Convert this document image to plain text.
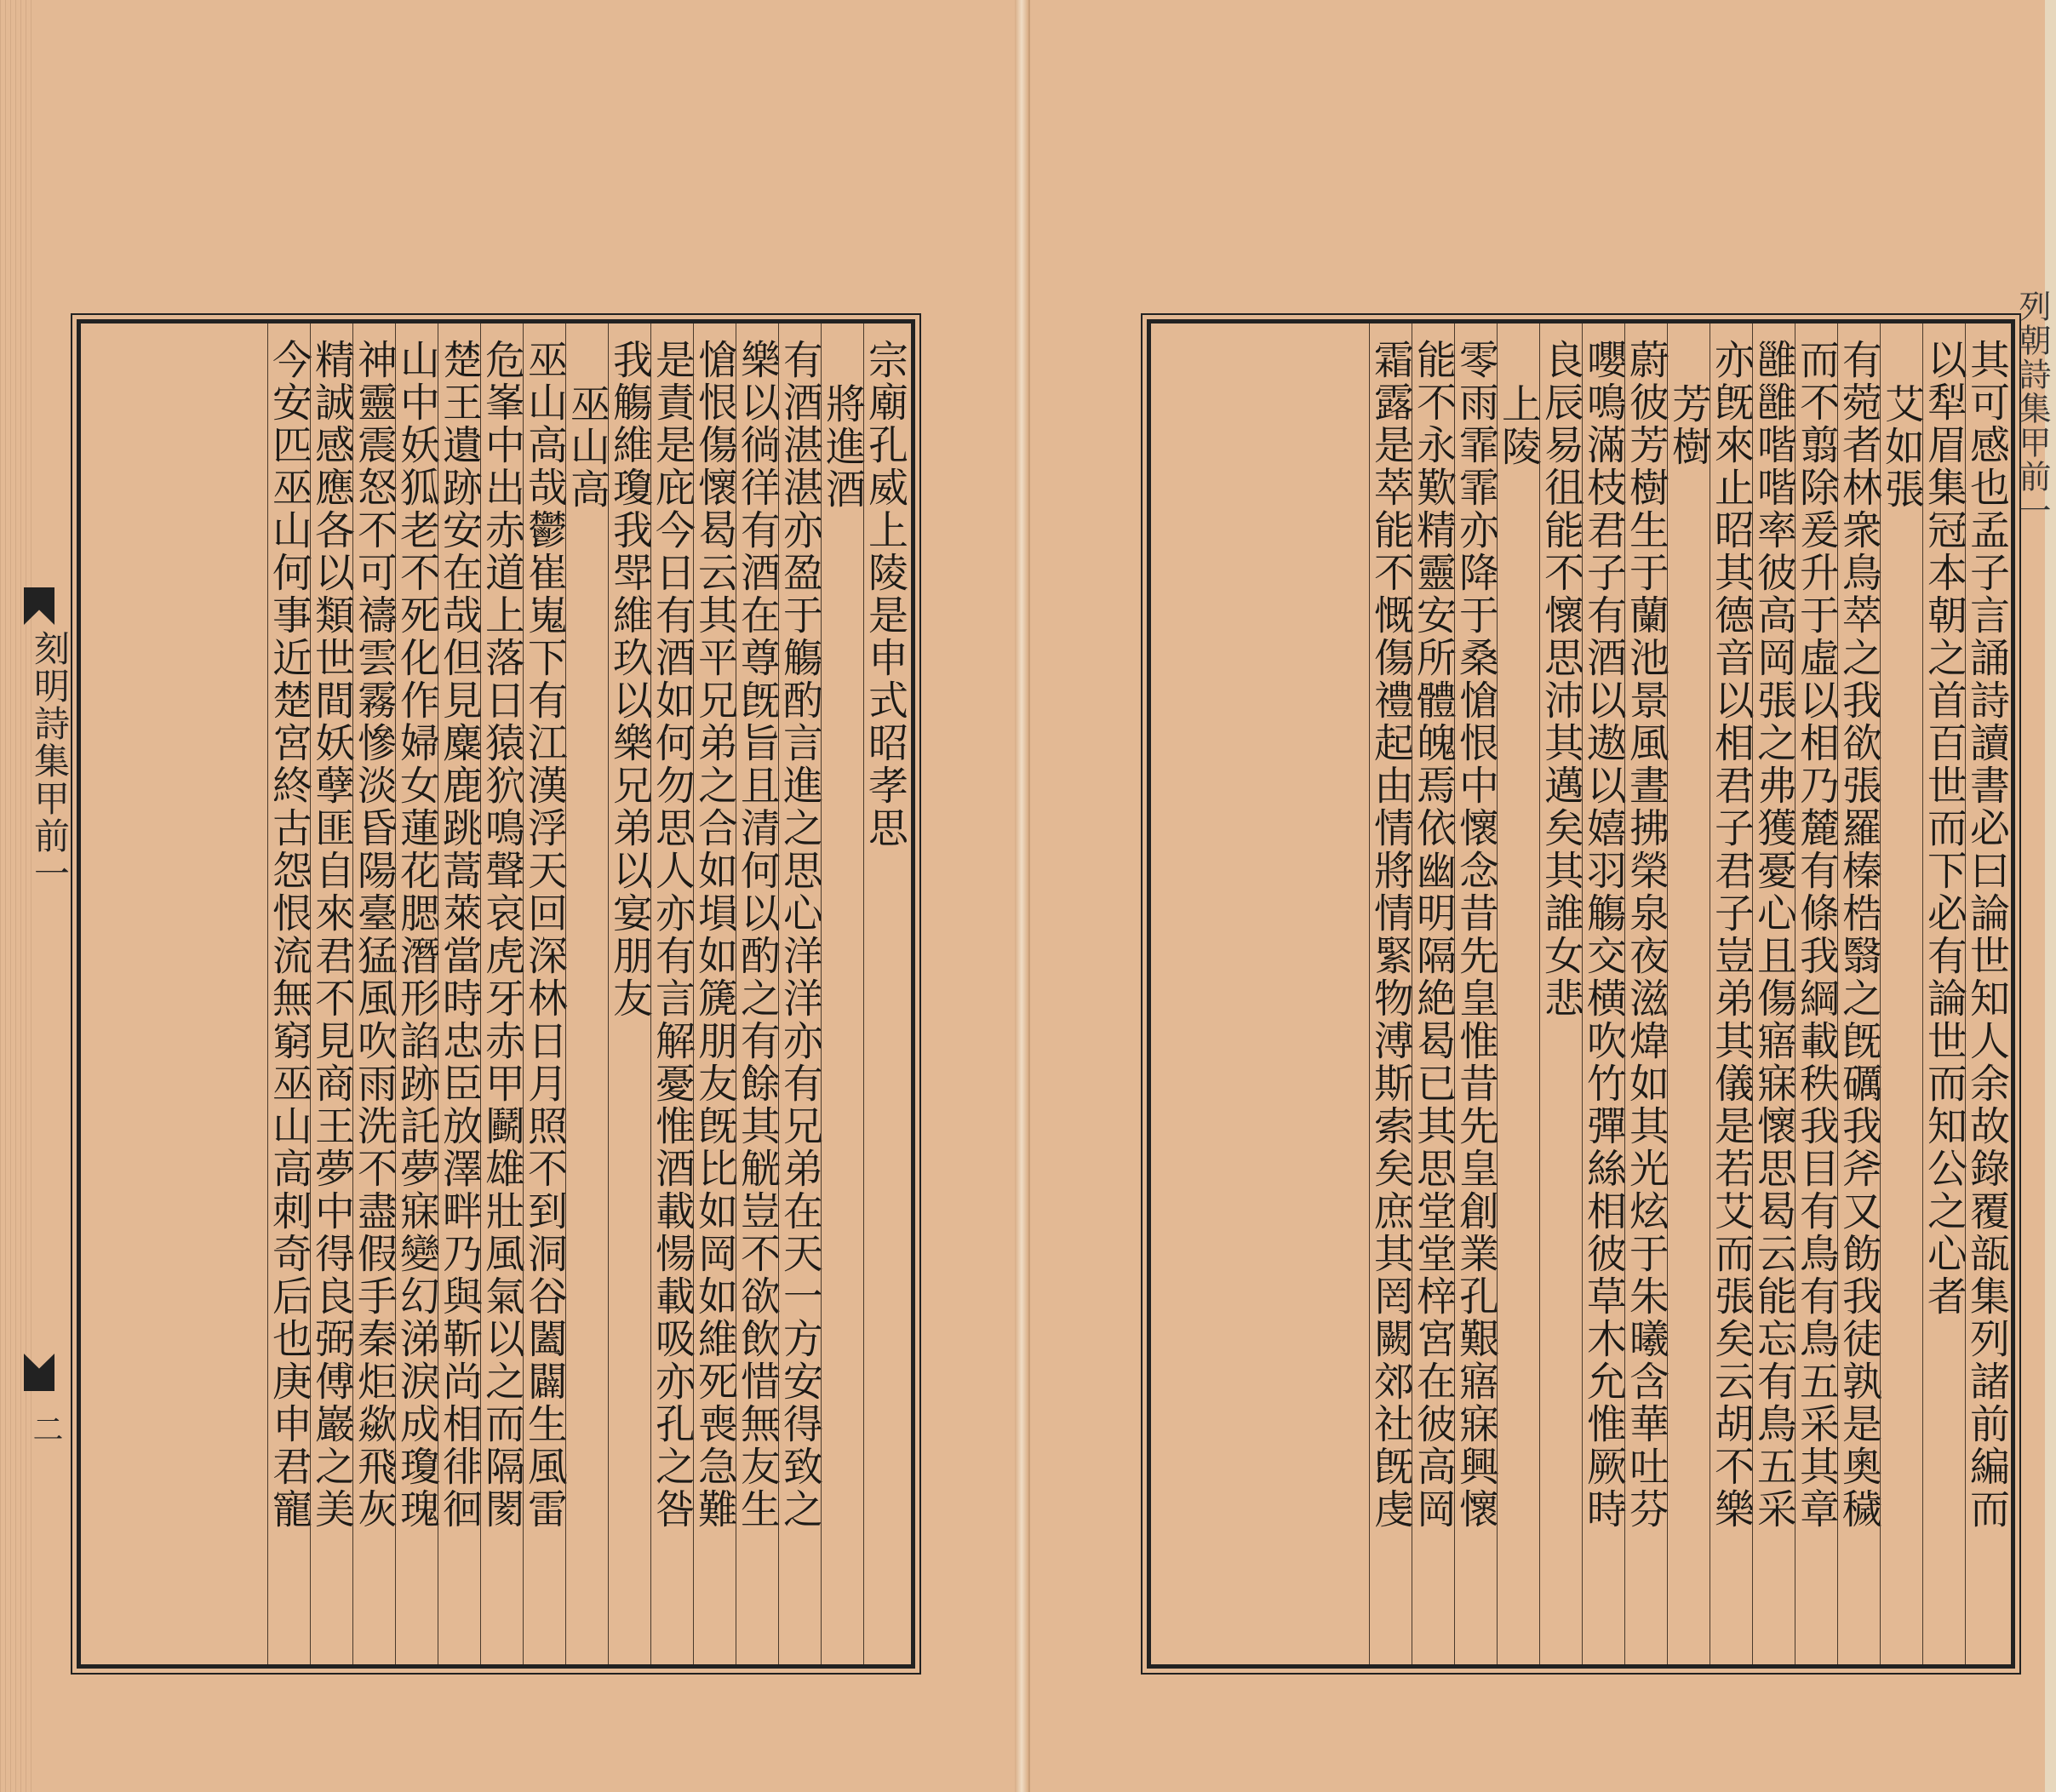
刻明詩集甲前一
二
宗廟孔威上陵是申式昭孝思
將進酒
有酒湛湛亦盈于觴酌言進之思心洋洋亦有兄弟在天一方安得致之
樂以徜徉有酒在尊旣旨且清何以酌之有餘其觥豈不欲飲惜無友生
愴恨傷懷曷云其平兄弟之合如塤如篪朋友旣比如岡如維死喪急難
是責是庇今日有酒如何勿思人亦有言解憂惟酒載愓載吸亦孔之咎
我觴維瓊我斝維玖以樂兄弟以宴朋友
巫山高
巫山高哉鬱崔嵬下有江漢浮天回深林日月照不到洞谷闔闢生風雷
危峯中出赤道上落日猿狖鳴聲哀虎牙赤甲鬬雄壯風氣以之而隔閡
楚王遺跡安在哉但見麋鹿跳蒿萊當時忠臣放澤畔乃與靳尚相徘徊
山中妖狐老不死化作婦女蓮花腮潛形諂跡託夢寐變幻涕淚成瓊瑰
神靈震怒不可禱雲霧慘淡昏陽臺猛風吹雨洗不盡假手秦炬歘飛灰
精誠感應各以類世間妖孽匪自來君不見商王夢中得良弼傅巖之美
今安匹巫山何事近楚宮終古怨恨流無窮巫山高刺奇后也庚申君寵	其可感也孟子言誦詩讀書必曰論世知人余故錄覆瓿集列諸前編而
以犁眉集冠本朝之首百世而下必有論世而知公之心者
艾如張
有菀者林衆鳥萃之我欲張羅榛梏翳之旣礪我斧又飭我徒孰是奧穢
而不翦除爰升于虛以相乃麓有條我綱載秩我目有鳥有鳥五采其章
雝雝喈喈率彼高岡張之弗獲憂心且傷寤寐懷思曷云能忘有鳥五采
亦旣來止昭其德音以相君子君子豈弟其儀是若艾而張矣云胡不樂
芳樹
蔚彼芳樹生于蘭池景風晝拂榮泉夜滋煒如其光炫于朱曦含華吐芬
嚶鳴滿枝君子有酒以遨以嬉羽觴交横吹竹彈絲相彼草木允惟厥時
良辰易徂能不懷思沛其邁矣其誰女悲
上陵
零雨霏霏亦降于桑愴恨中懷念昔先皇惟昔先皇創業孔艱寤寐興懷
能不永歎精靈安所體魄焉依幽明隔絶曷已其思堂堂梓宮在彼高岡
霜露是萃能不慨傷禮起由情將情緊物溥斯索矣庶其罔闕郊社旣虔	列朝詩集甲前一
